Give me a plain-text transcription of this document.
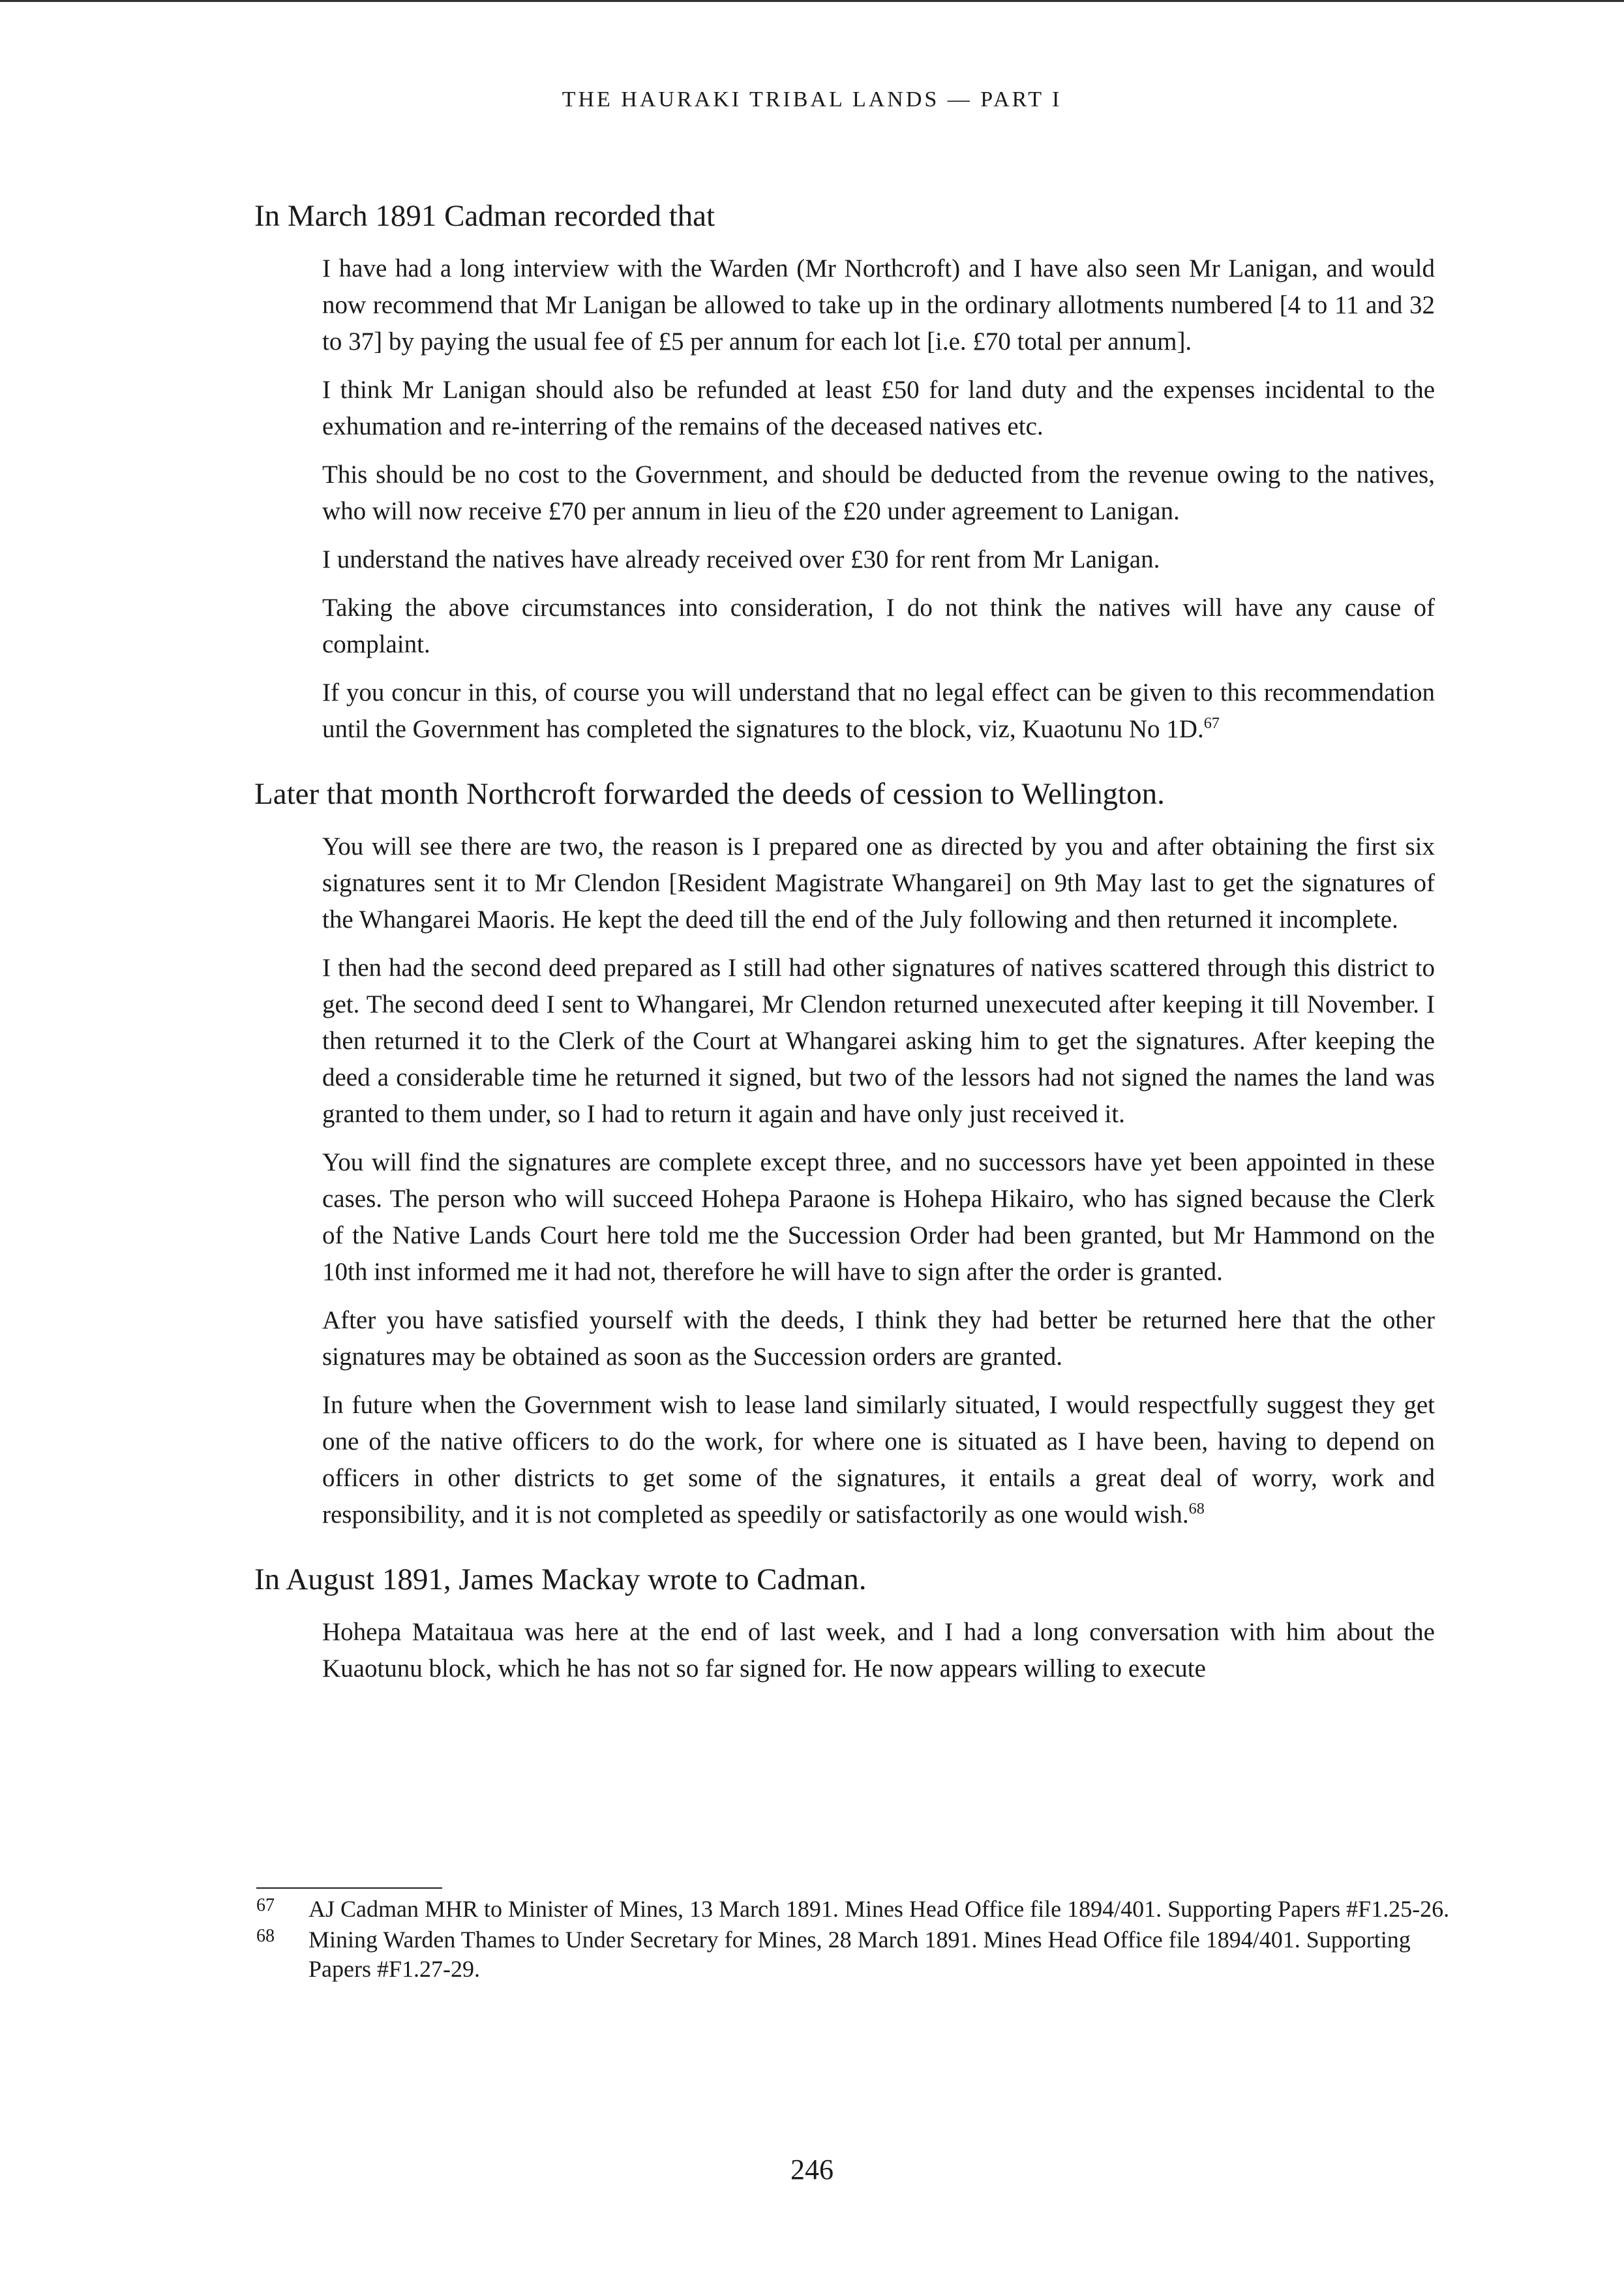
THE HAURAKI TRIBAL LANDS — PART I

In March 1891 Cadman recorded that

I have had a long interview with the Warden (Mr Northcroft) and I have also seen Mr Lanigan, and would now recommend that Mr Lanigan be allowed to take up in the ordinary allotments numbered [4 to 11 and 32 to 37] by paying the usual fee of £5 per annum for each lot [i.e. £70 total per annum].

I think Mr Lanigan should also be refunded at least £50 for land duty and the expenses incidental to the exhumation and re-interring of the remains of the deceased natives etc.

This should be no cost to the Government, and should be deducted from the revenue owing to the natives, who will now receive £70 per annum in lieu of the £20 under agreement to Lanigan.

I understand the natives have already received over £30 for rent from Mr Lanigan.

Taking the above circumstances into consideration, I do not think the natives will have any cause of complaint.

If you concur in this, of course you will understand that no legal effect can be given to this recommendation until the Government has completed the signatures to the block, viz, Kuaotunu No 1D.$^{67}$

Later that month Northcroft forwarded the deeds of cession to Wellington.

You will see there are two, the reason is I prepared one as directed by you and after obtaining the first six signatures sent it to Mr Clendon [Resident Magistrate Whangarei] on 9th May last to get the signatures of the Whangarei Maoris. He kept the deed till the end of the July following and then returned it incomplete.

I then had the second deed prepared as I still had other signatures of natives scattered through this district to get. The second deed I sent to Whangarei, Mr Clendon returned unexecuted after keeping it till November. I then returned it to the Clerk of the Court at Whangarei asking him to get the signatures. After keeping the deed a considerable time he returned it signed, but two of the lessors had not signed the names the land was granted to them under, so I had to return it again and have only just received it.

You will find the signatures are complete except three, and no successors have yet been appointed in these cases. The person who will succeed Hohepa Paraone is Hohepa Hikairo, who has signed because the Clerk of the Native Lands Court here told me the Succession Order had been granted, but Mr Hammond on the 10th inst informed me it had not, therefore he will have to sign after the order is granted.

After you have satisfied yourself with the deeds, I think they had better be returned here that the other signatures may be obtained as soon as the Succession orders are granted.

In future when the Government wish to lease land similarly situated, I would respectfully suggest they get one of the native officers to do the work, for where one is situated as I have been, having to depend on officers in other districts to get some of the signatures, it entails a great deal of worry, work and responsibility, and it is not completed as speedily or satisfactorily as one would wish.$^{68}$

In August 1891, James Mackay wrote to Cadman.

Hohepa Mataitaua was here at the end of last week, and I had a long conversation with him about the Kuaotunu block, which he has not so far signed for. He now appears willing to execute

67	AJ Cadman MHR to Minister of Mines, 13 March 1891. Mines Head Office file 1894/401. Supporting Papers #F1.25-26.
68	Mining Warden Thames to Under Secretary for Mines, 28 March 1891. Mines Head Office file 1894/401. Supporting Papers #F1.27-29.
246
